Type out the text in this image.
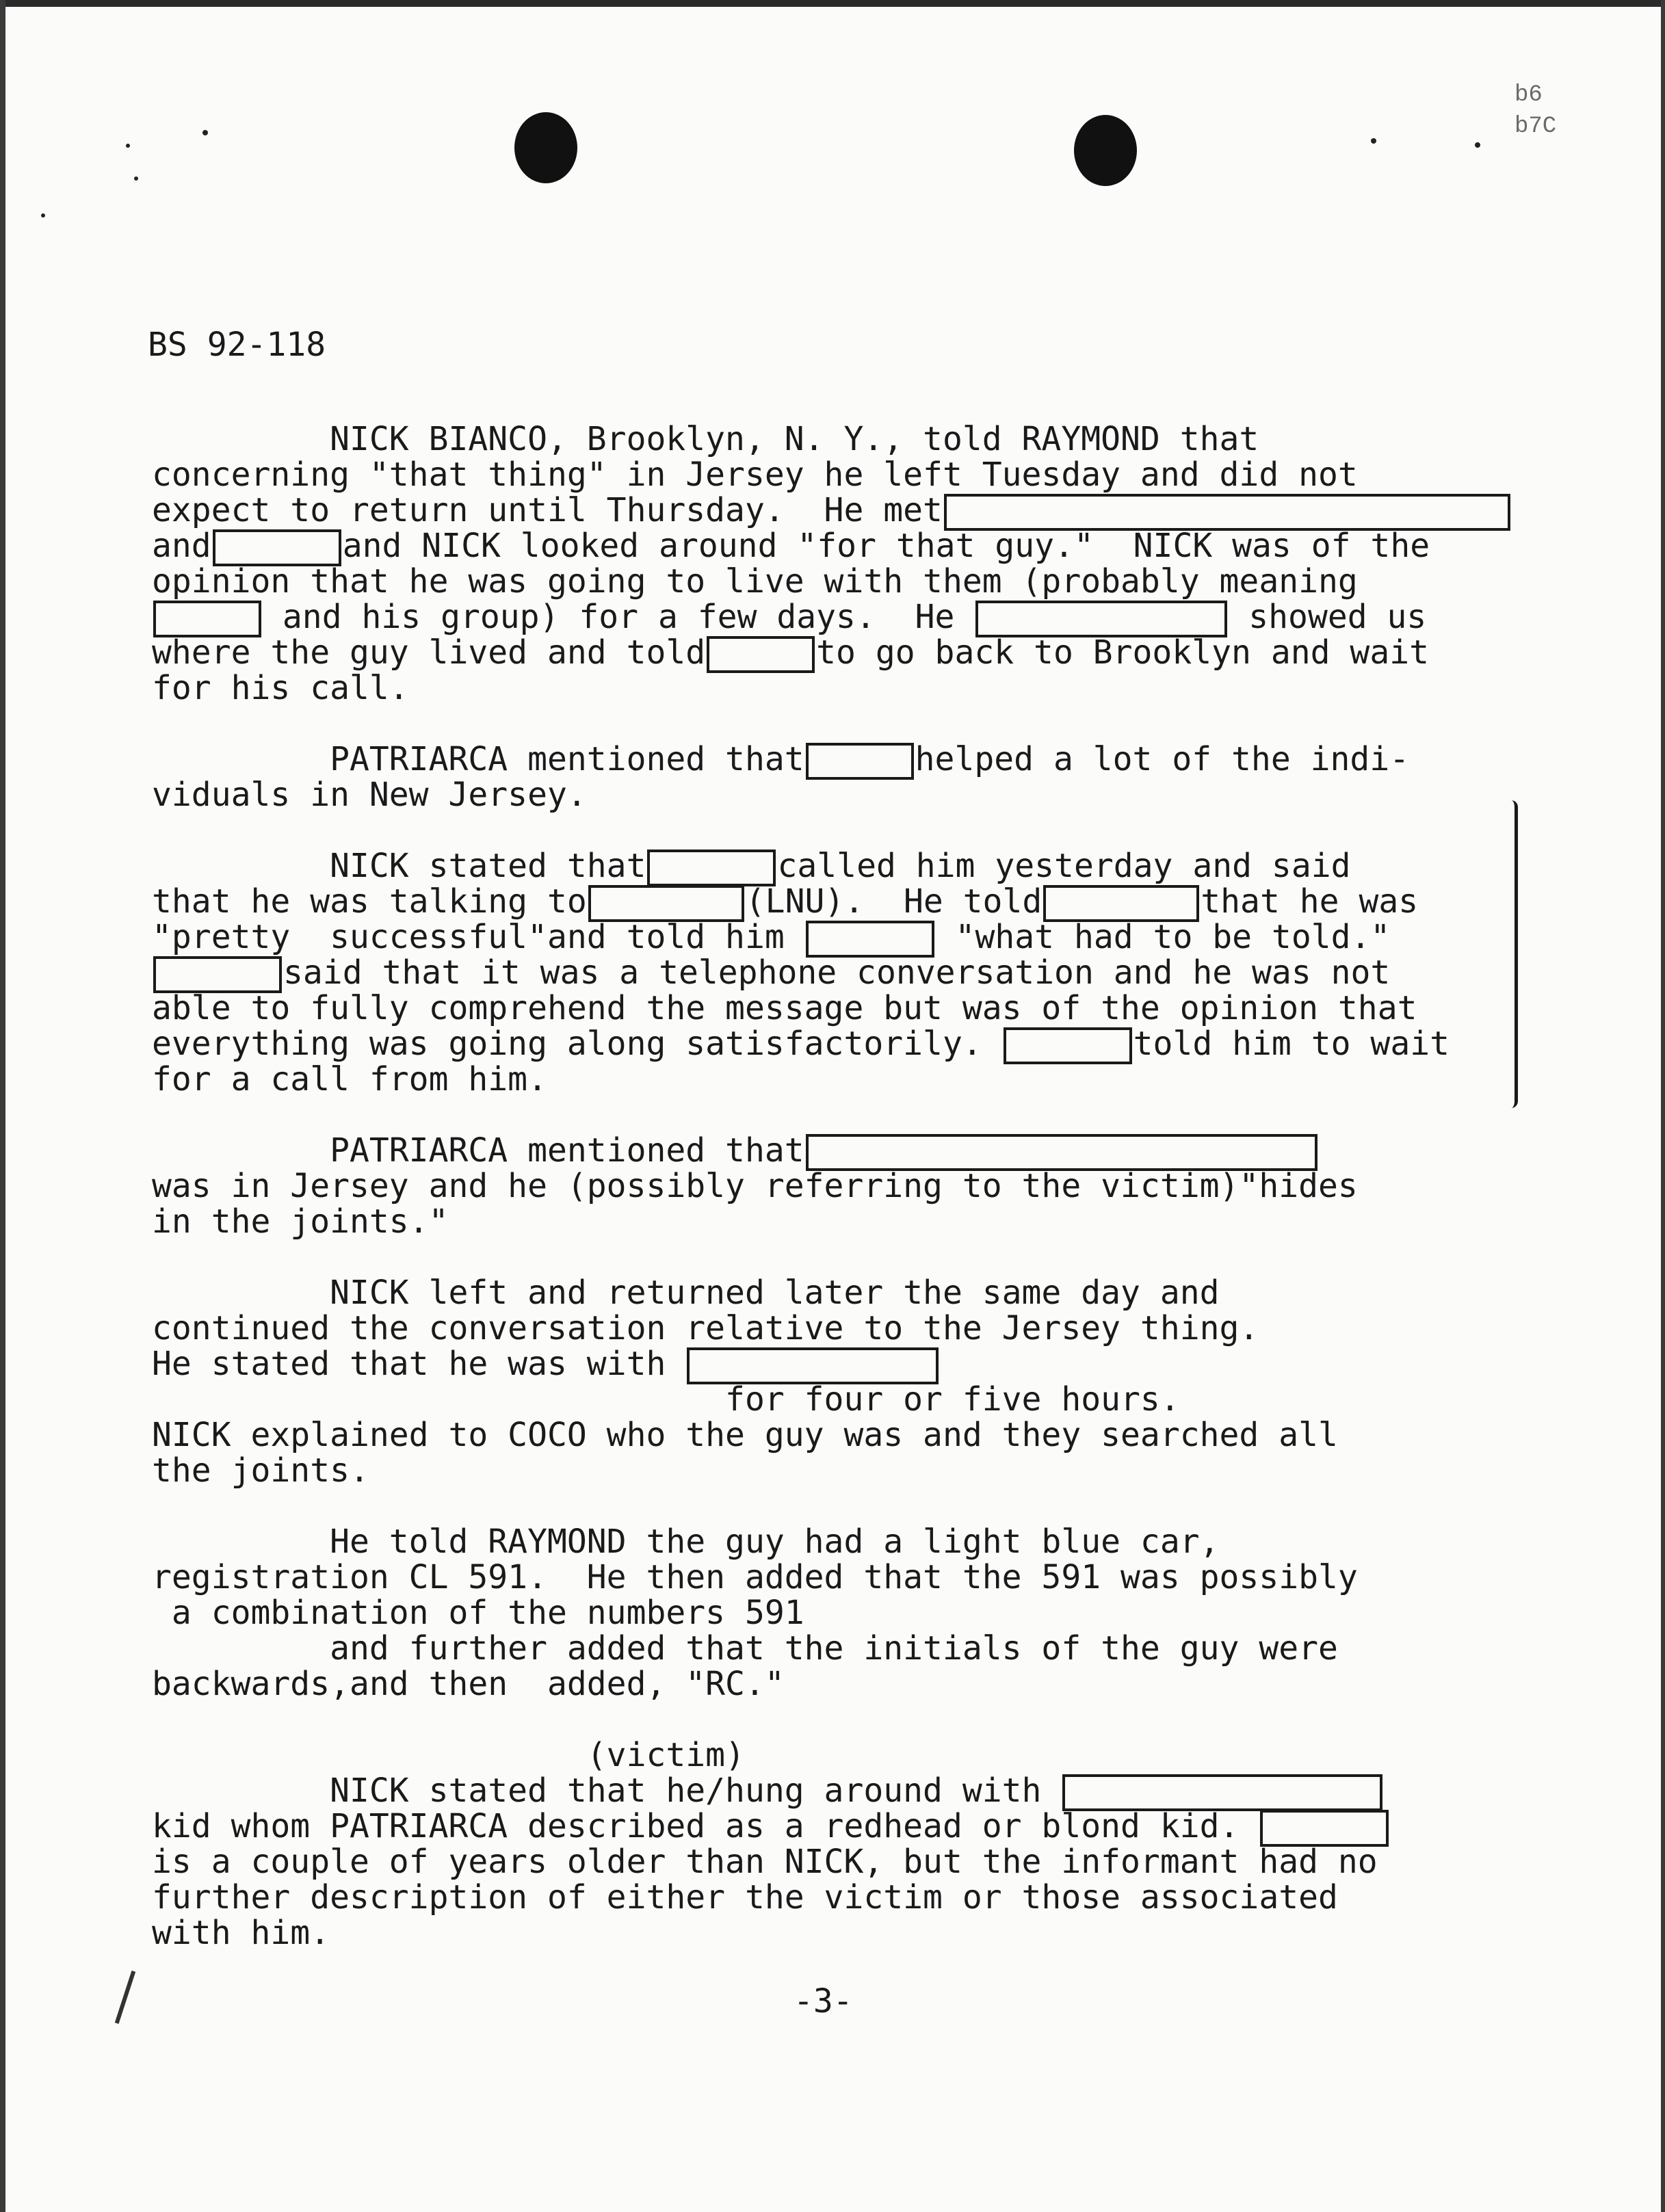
b6
b7C
BS 92-118
NICK BIANCO, Brooklyn, N. Y., told RAYMOND that
concerning "that thing" in Jersey he left Tuesday and did not
expect to return until Thursday.  He met
and	and NICK looked around "for that guy."  NICK was of the
opinion that he was going to live with them (probably meaning
and his group) for a few days.  He	showed us
where the guy lived and told	to go back to Brooklyn and wait
for his call.
PATRIARCA mentioned that	helped a lot of the indi-
viduals in New Jersey.
NICK stated that	called him yesterday and said
that he was talking to	(LNU).  He told	that he was
"pretty  successful"and told him	"what had to be told."
said that it was a telephone conversation and he was not
able to fully comprehend the message but was of the opinion that
everything was going along satisfactorily.	told him to wait
for a call from him.
PATRIARCA mentioned that
was in Jersey and he (possibly referring to the victim)"hides
in the joints."
NICK left and returned later the same day and
continued the conversation relative to the Jersey thing.
He stated that he was with
for four or five hours.
NICK explained to COCO who the guy was and they searched all
the joints.
He told RAYMOND the guy had a light blue car,
registration CL 591.  He then added that the 591 was possibly
a combination of the numbers 591
and further added that the initials of the guy were
backwards,and then  added, "RC."
(victim)
NICK stated that he/hung around with
kid whom PATRIARCA described as a redhead or blond kid.
is a couple of years older than NICK, but the informant had no
further description of either the victim or those associated
with him.
-3-
